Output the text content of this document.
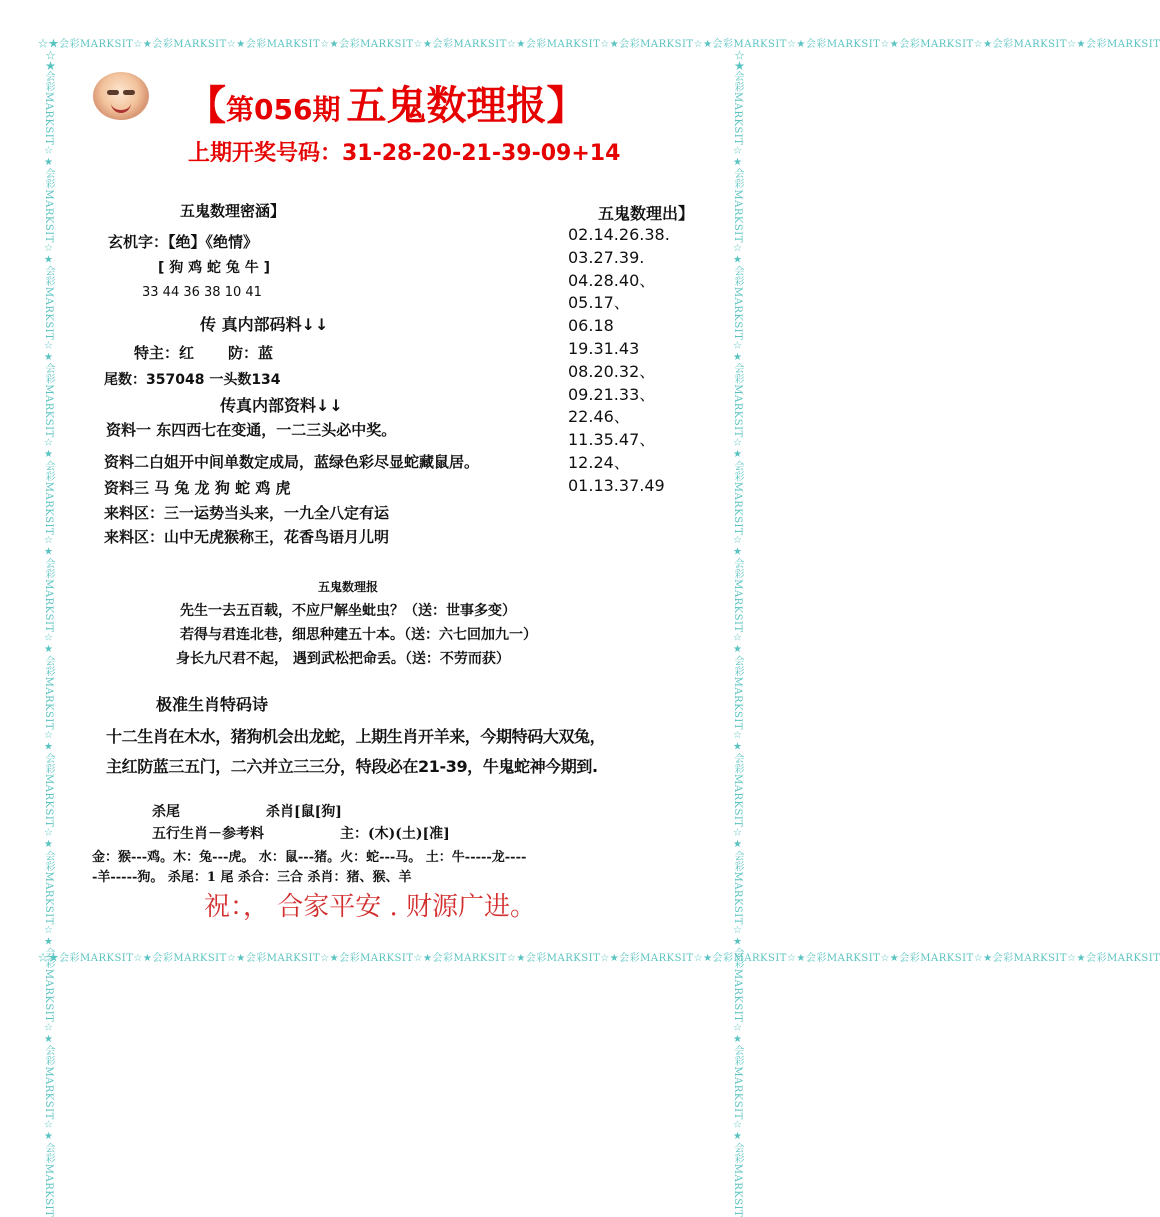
☆★会彩MARKSIT☆★会彩MARKSIT☆★会彩MARKSIT☆★会彩MARKSIT☆★会彩MARKSIT☆★会彩MARKSIT☆★会彩MARKSIT☆★会彩MARKSIT☆★会彩MARKSIT☆★会彩MARKSIT☆★会彩MARKSIT☆★会彩MARKSIT
☆★会彩MARKSIT☆★会彩MARKSIT☆★会彩MARKSIT☆★会彩MARKSIT☆★会彩MARKSIT☆★会彩MARKSIT☆★会彩MARKSIT☆★会彩MARKSIT☆★会彩MARKSIT☆★会彩MARKSIT☆★会彩MARKSIT☆★会彩MARKSIT
☆★会彩MARKSIT☆★会彩MARKSIT☆★会彩MARKSIT☆★会彩MARKSIT☆★会彩MARKSIT☆★会彩MARKSIT☆★会彩MARKSIT☆★会彩MARKSIT☆★会彩MARKSIT☆★会彩MARKSIT☆★会彩MARKSIT☆★会彩MARKSIT	☆★会彩MARKSIT☆★会彩MARKSIT☆★会彩MARKSIT☆★会彩MARKSIT☆★会彩MARKSIT☆★会彩MARKSIT☆★会彩MARKSIT☆★会彩MARKSIT☆★会彩MARKSIT☆★会彩MARKSIT☆★会彩MARKSIT☆★会彩MARKSIT
【第056期 五鬼数理报】
上期开奖号码：31-28-20-21-39-09+14
五鬼数理密涵】
玄机字：【绝】《绝情》
[ 狗 鸡 蛇 兔 牛 ]
33 44 36 38 10 41
传 真内部码料↓↓
特主：红 防：蓝
尾数：357048 一头数134
传真内部资料↓↓
资料一 东四西七在变通，一二三头必中奖。
资料二白姐开中间单数定成局，蓝绿色彩尽显蛇藏鼠居。
资料三 马 兔 龙 狗 蛇 鸡 虎
来料区：三一运势当头来，一九全八定有运
来料区：山中无虎猴称王，花香鸟语月儿明
五鬼数理出】
02.14.26.38.
03.27.39.
04.28.40、
05.17、
06.18
19.31.43
08.20.32、
09.21.33、
22.46、
11.35.47、
12.24、
01.13.37.49
五鬼数理报
先生一去五百载，不应尸解坐蚍虫？（送：世事多变）
若得与君连北巷，细思种建五十本。（送：六七回加九一）
身长九尺君不起， 遇到武松把命丢。（送：不劳而获）
极准生肖特码诗
十二生肖在木水，猪狗机会出龙蛇，上期生肖开羊来，今期特码大双兔，
主红防蓝三五门，二六并立三三分，特段必在21-39，牛鬼蛇神今期到.
杀尾	杀肖[鼠[狗]
五行生肖－参考料	主：(木)(土)[准]
金：猴---鸡。木：兔---虎。 水：鼠---猪。火：蛇---马。 土：牛-----龙----
-羊-----狗。 杀尾：1 尾 杀合：三合 杀肖：猪、猴、羊
祝：， 合家平安 . 财源广进。
